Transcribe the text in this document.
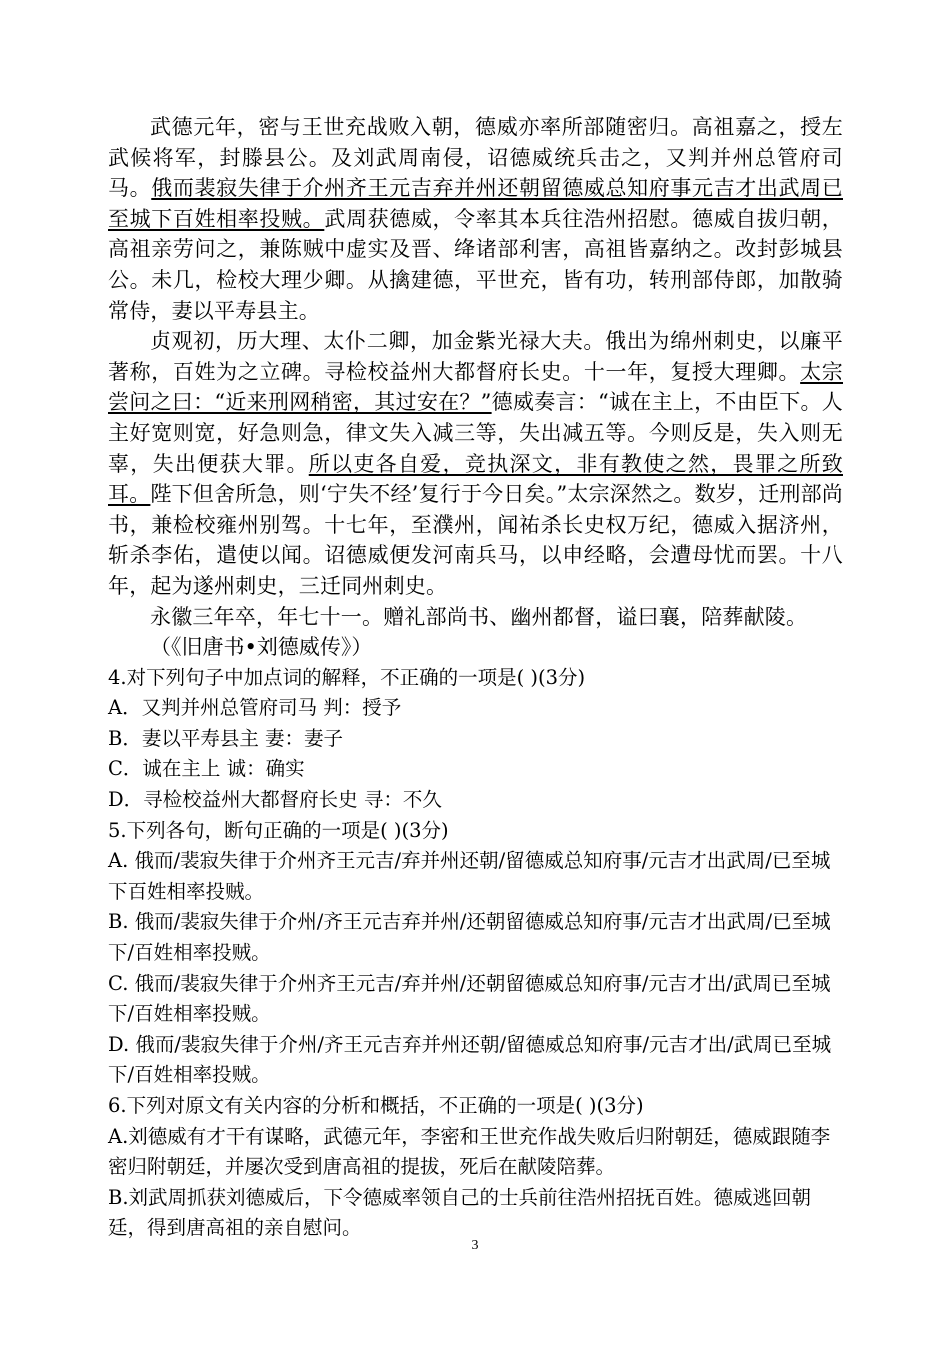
武德元年，密与王世充战败入朝，德威亦率所部随密归。高祖嘉之，授左武候将军，封滕县公。及刘武周南侵，诏德威统兵击之，又判并州总管府司马。俄而裴寂失律于介州齐王元吉弃并州还朝留德威总知府事元吉才出武周已至城下百姓相率投贼。武周获德威，令率其本兵往浩州招慰。德威自拔归朝，高祖亲劳问之，兼陈贼中虚实及晋、绛诸部利害，高祖皆嘉纳之。改封彭城县公。未几，检校大理少卿。从擒建德，平世充，皆有功，转刑部侍郎，加散骑常侍，妻以平寿县主。

贞观初，历大理、太仆二卿，加金紫光禄大夫。俄出为绵州刺史，以廉平著称，百姓为之立碑。寻检校益州大都督府长史。十一年，复授大理卿。太宗尝问之曰：“近来刑网稍密，其过安在？”德威奏言：“诚在主上，不由臣下。人主好宽则宽，好急则急，律文失入减三等，失出减五等。今则反是，失入则无辜，失出便获大罪。所以吏各自爱，竞执深文，非有教使之然，畏罪之所致耳。陛下但舍所急，则‘宁失不经’复行于今日矣。”太宗深然之。数岁，迁刑部尚书，兼检校雍州别驾。十七年，至濮州，闻祐杀长史权万纪，德威入据济州，斩杀李佑，遣使以闻。诏德威便发河南兵马，以申经略，会遭母忧而罢。十八年，起为遂州刺史，三迁同州刺史。

永徽三年卒，年七十一。赠礼部尚书、幽州都督，谥曰襄，陪葬献陵。

（《旧唐书•刘德威传》）

4.对下列句子中加点词的解释，不正确的一项是( )(3分)

A．又判并州总管府司马 判：授予

B．妻以平寿县主 妻：妻子

C．诚在主上 诚：确实

D．寻检校益州大都督府长史 寻：不久

5.下列各句，断句正确的一项是( )(3分)

A. 俄而/裴寂失律于介州齐王元吉/弃并州还朝/留德威总知府事/元吉才出武周/已至城下百姓相率投贼。

B. 俄而/裴寂失律于介州/齐王元吉弃并州/还朝留德威总知府事/元吉才出武周/已至城下/百姓相率投贼。

C. 俄而/裴寂失律于介州齐王元吉/弃并州/还朝留德威总知府事/元吉才出/武周已至城下/百姓相率投贼。

D. 俄而/裴寂失律于介州/齐王元吉弃并州还朝/留德威总知府事/元吉才出/武周已至城下/百姓相率投贼。

6.下列对原文有关内容的分析和概括，不正确的一项是( )(3分)

A.刘德威有才干有谋略，武德元年，李密和王世充作战失败后归附朝廷，德威跟随李密归附朝廷，并屡次受到唐高祖的提拔，死后在献陵陪葬。

B.刘武周抓获刘德威后，下令德威率领自己的士兵前往浩州招抚百姓。德威逃回朝廷，得到唐高祖的亲自慰问。

3
